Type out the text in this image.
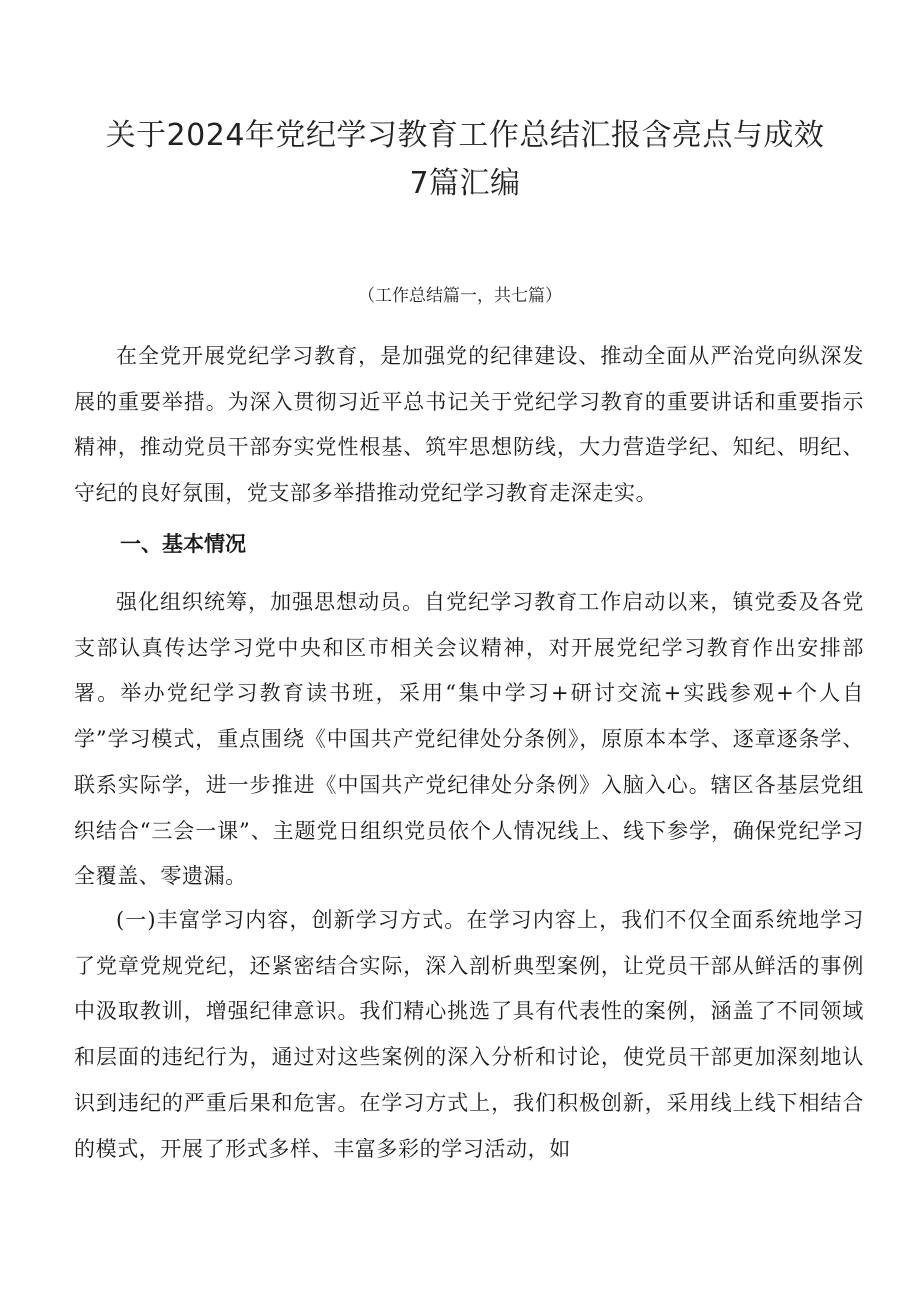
关于2024年党纪学习教育工作总结汇报含亮点与成效7篇汇编
（工作总结篇一，共七篇）

在全党开展党纪学习教育，是加强党的纪律建设、推动全面从严治党向纵深发展的重要举措。为深入贯彻习近平总书记关于党纪学习教育的重要讲话和重要指示精神，推动党员干部夯实党性根基、筑牢思想防线，大力营造学纪、知纪、明纪、守纪的良好氛围，党支部多举措推动党纪学习教育走深走实。

一、基本情况

强化组织统筹，加强思想动员。自党纪学习教育工作启动以来，镇党委及各党支部认真传达学习党中央和区市相关会议精神，对开展党纪学习教育作出安排部署。举办党纪学习教育读书班，采用“集中学习+研讨交流+实践参观+个人自学”学习模式，重点围绕《中国共产党纪律处分条例》，原原本本学、逐章逐条学、联系实际学，进一步推进《中国共产党纪律处分条例》入脑入心。辖区各基层党组织结合“三会一课”、主题党日组织党员依个人情况线上、线下参学，确保党纪学习全覆盖、零遗漏。

(一)丰富学习内容，创新学习方式。在学习内容上，我们不仅全面系统地学习了党章党规党纪，还紧密结合实际，深入剖析典型案例，让党员干部从鲜活的事例中汲取教训，增强纪律意识。我们精心挑选了具有代表性的案例，涵盖了不同领域和层面的违纪行为，通过对这些案例的深入分析和讨论，使党员干部更加深刻地认识到违纪的严重后果和危害。在学习方式上，我们积极创新，采用线上线下相结合的模式，开展了形式多样、丰富多彩的学习活动，如
